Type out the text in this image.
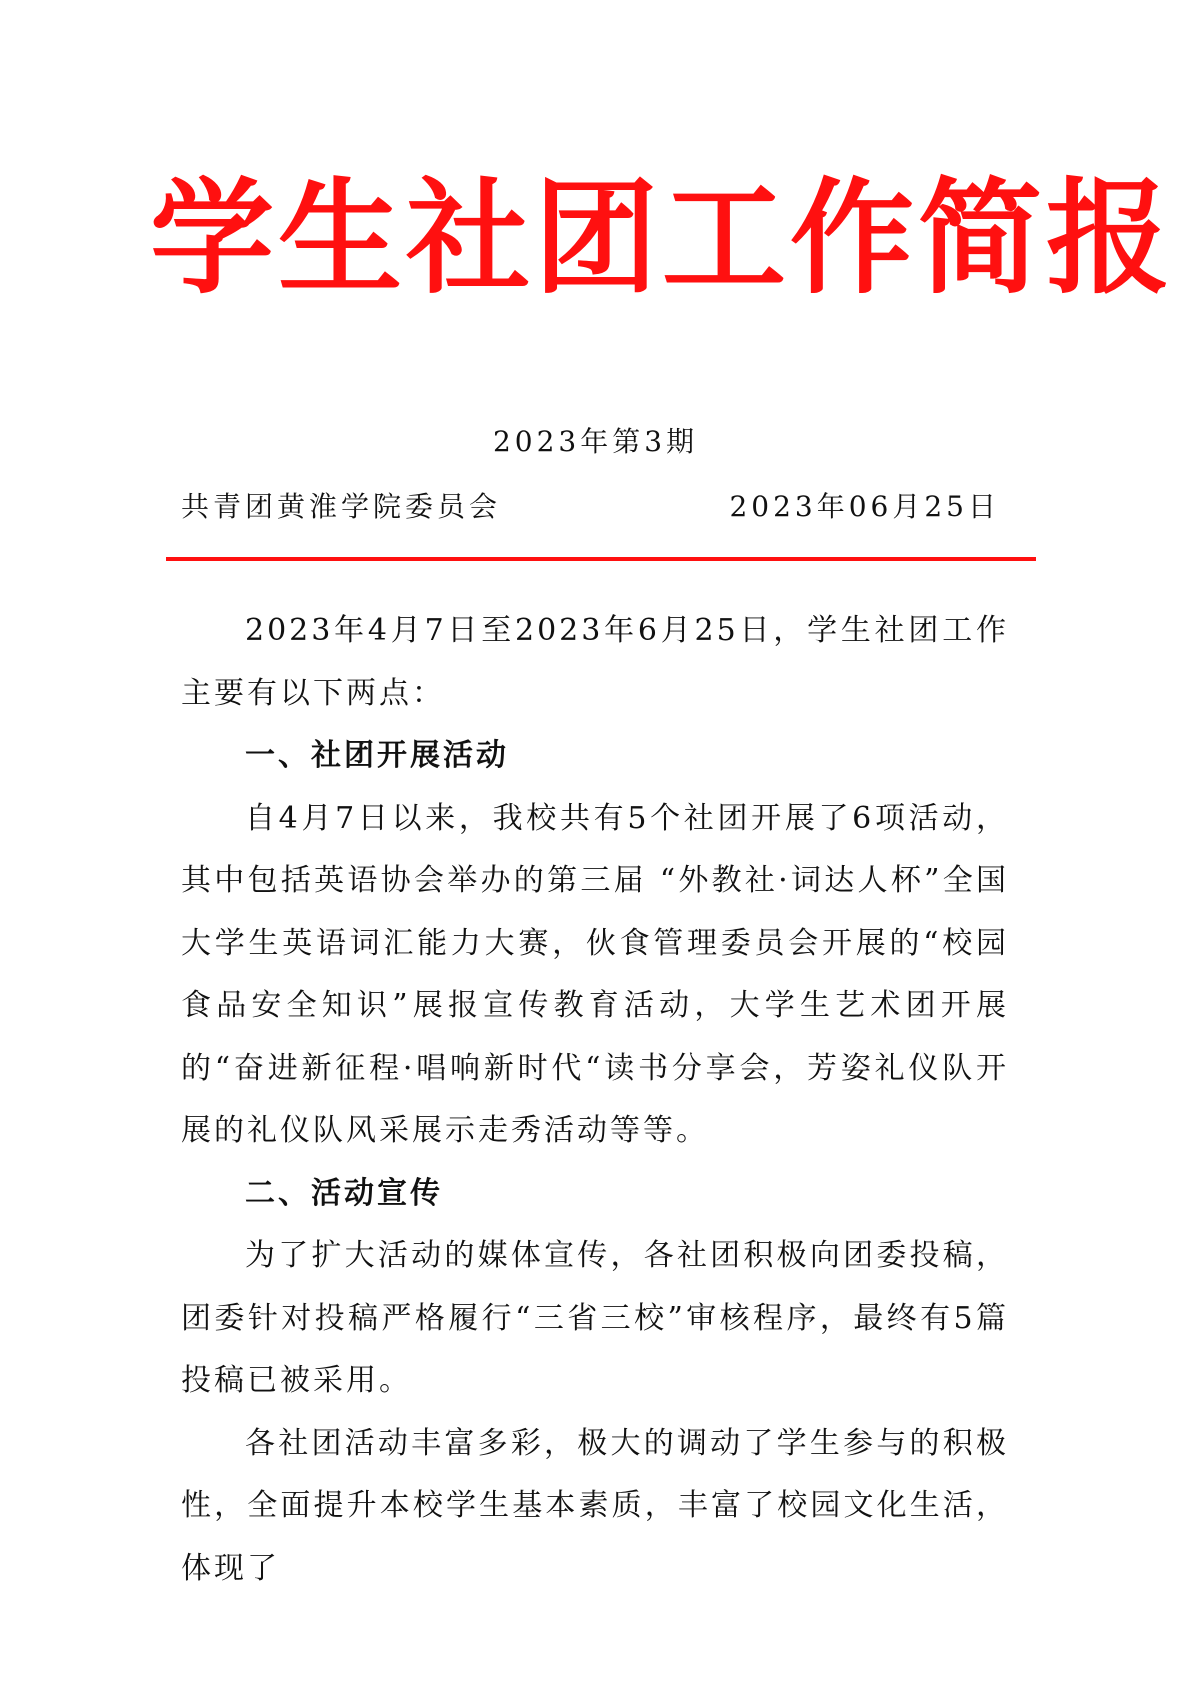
学生社团工作简报
2023年第3期
共青团黄淮学院委员会	2023年06月25日

2023年4月7日至2023年6月25日，学生社团工作主要有以下两点：

一、社团开展活动

自4月7日以来，我校共有5个社团开展了6项活动，其中包括英语协会举办的第三届 “外教社·词达人杯”全国大学生英语词汇能力大赛，伙食管理委员会开展的“校园食品安全知识”展报宣传教育活动，大学生艺术团开展的“奋进新征程·唱响新时代“读书分享会，芳姿礼仪队开展的礼仪队风采展示走秀活动等等。

二、活动宣传

为了扩大活动的媒体宣传，各社团积极向团委投稿，团委针对投稿严格履行“三省三校”审核程序，最终有5篇投稿已被采用。

各社团活动丰富多彩，极大的调动了学生参与的积极性，全面提升本校学生基本素质，丰富了校园文化生活，体现了
